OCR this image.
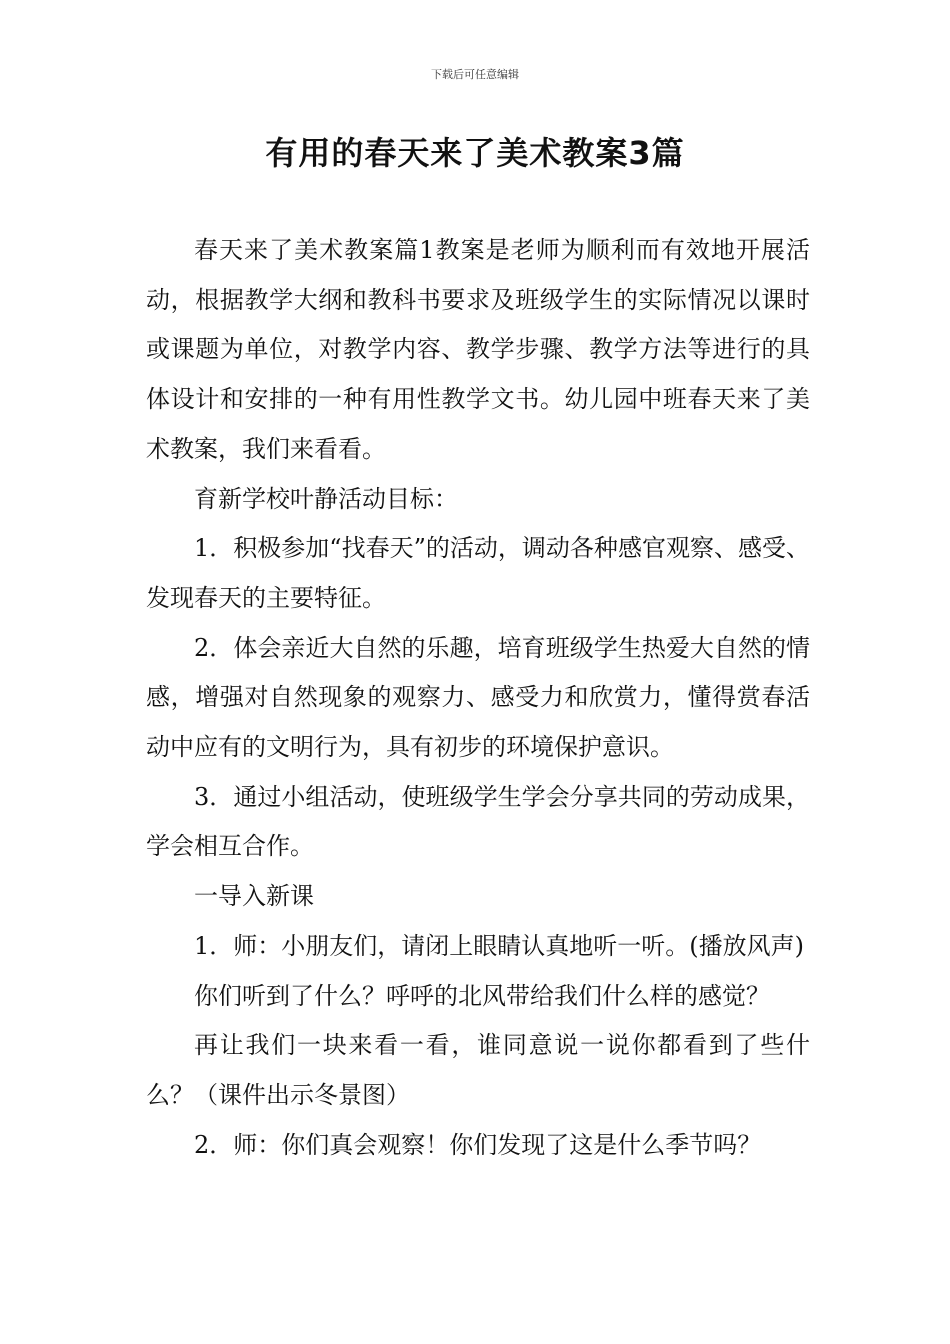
下载后可任意编辑
有用的春天来了美术教案3篇

春天来了美术教案篇1教案是老师为顺利而有效地开展活动，根据教学大纲和教科书要求及班级学生的实际情况以课时或课题为单位，对教学内容、教学步骤、教学方法等进行的具体设计和安排的一种有用性教学文书。幼儿园中班春天来了美术教案，我们来看看。

育新学校叶静活动目标：

1．积极参加“找春天”的活动，调动各种感官观察、感受、发现春天的主要特征。

2．体会亲近大自然的乐趣，培育班级学生热爱大自然的情感，增强对自然现象的观察力、感受力和欣赏力，懂得赏春活动中应有的文明行为，具有初步的环境保护意识。

3．通过小组活动，使班级学生学会分享共同的劳动成果，学会相互合作。

一导入新课

1．师：小朋友们，请闭上眼睛认真地听一听。(播放风声)

你们听到了什么？呼呼的北风带给我们什么样的感觉？

再让我们一块来看一看，谁同意说一说你都看到了些什么？（课件出示冬景图）

2．师：你们真会观察！你们发现了这是什么季节吗？
